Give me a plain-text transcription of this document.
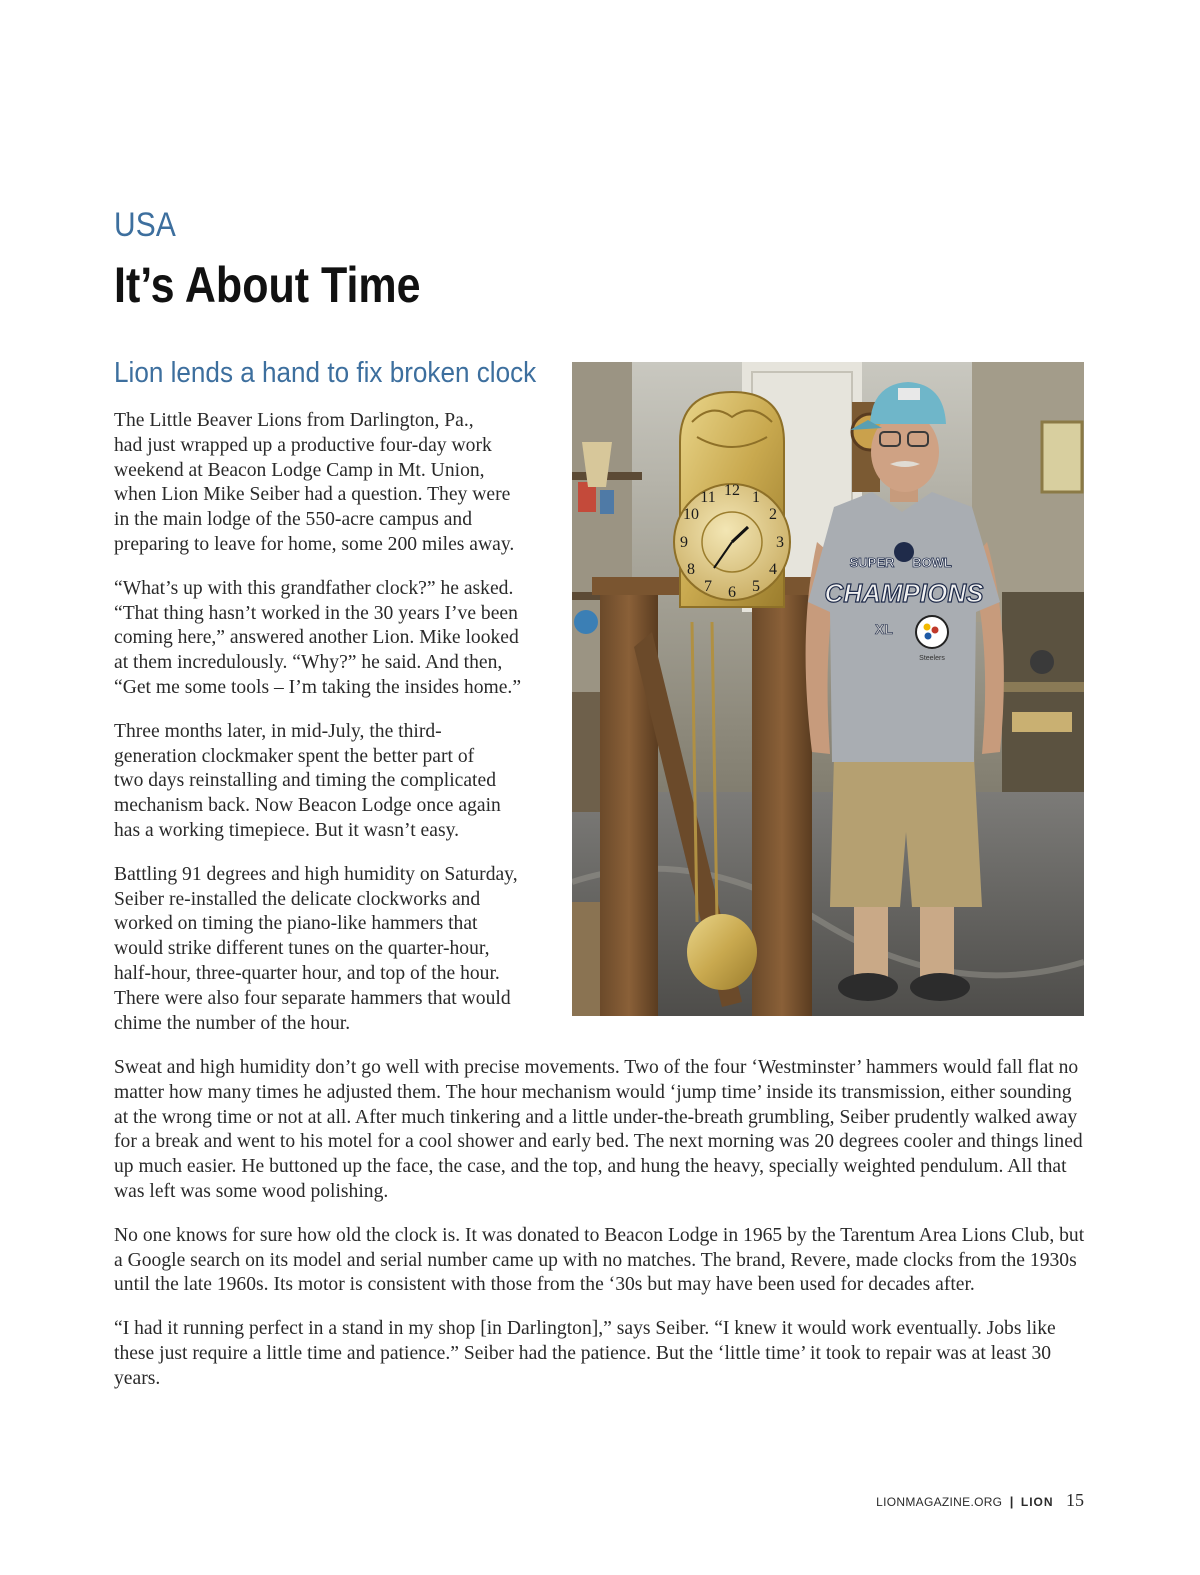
USA
It’s About Time
Lion lends a hand to fix broken clock

The Little Beaver Lions from Darlington, Pa.,
had just wrapped up a productive four-day work
weekend at Beacon Lodge Camp in Mt. Union,
when Lion Mike Seiber had a question. They were
in the main lodge of the 550-acre campus and
preparing to leave for home, some 200 miles away.

“What’s up with this grandfather clock?” he asked.
“That thing hasn’t worked in the 30 years I’ve been
coming here,” answered another Lion. Mike looked
at them incredulously. “Why?” he said. And then,
“Get me some tools – I’m taking the insides home.”

Three months later, in mid-July, the third-
generation clockmaker spent the better part of
two days reinstalling and timing the complicated
mechanism back. Now Beacon Lodge once again
has a working timepiece. But it wasn’t easy.

Battling 91 degrees and high humidity on Saturday,
Seiber re-installed the delicate clockworks and
worked on timing the piano-like hammers that
would strike different tunes on the quarter-hour,
half-hour, three-quarter hour, and top of the hour.
There were also four separate hammers that would
chime the number of the hour.

12 1
2
3
4
5
6
7
8
9
10
11
SUPER BOWL
CHAMPIONS
XL
Steelers

Sweat and high humidity don’t go well with precise movements. Two of the four ‘Westminster’ hammers would fall flat no matter how many times he adjusted them. The hour mechanism would ‘jump time’ inside its transmission, either sounding at the wrong time or not at all. After much tinkering and a little under-the-breath grumbling, Seiber prudently walked away for a break and went to his motel for a cool shower and early bed. The next morning was 20 degrees cooler and things lined up much easier. He buttoned up the face, the case, and the top, and hung the heavy, specially weighted pendulum. All that was left was some wood polishing.

No one knows for sure how old the clock is. It was donated to Beacon Lodge in 1965 by the Tarentum Area Lions Club, but a Google search on its model and serial number came up with no matches. The brand, Revere, made clocks from the 1930s until the late 1960s. Its motor is consistent with those from the ‘30s but may have been used for decades after.

“I had it running perfect in a stand in my shop [in Darlington],” says Seiber. “I knew it would work eventually. Jobs like these just require a little time and patience.” Seiber had the patience. But the ‘little time’ it took to repair was at least 30 years.

LIONMAGAZINE.ORG | LION 15
